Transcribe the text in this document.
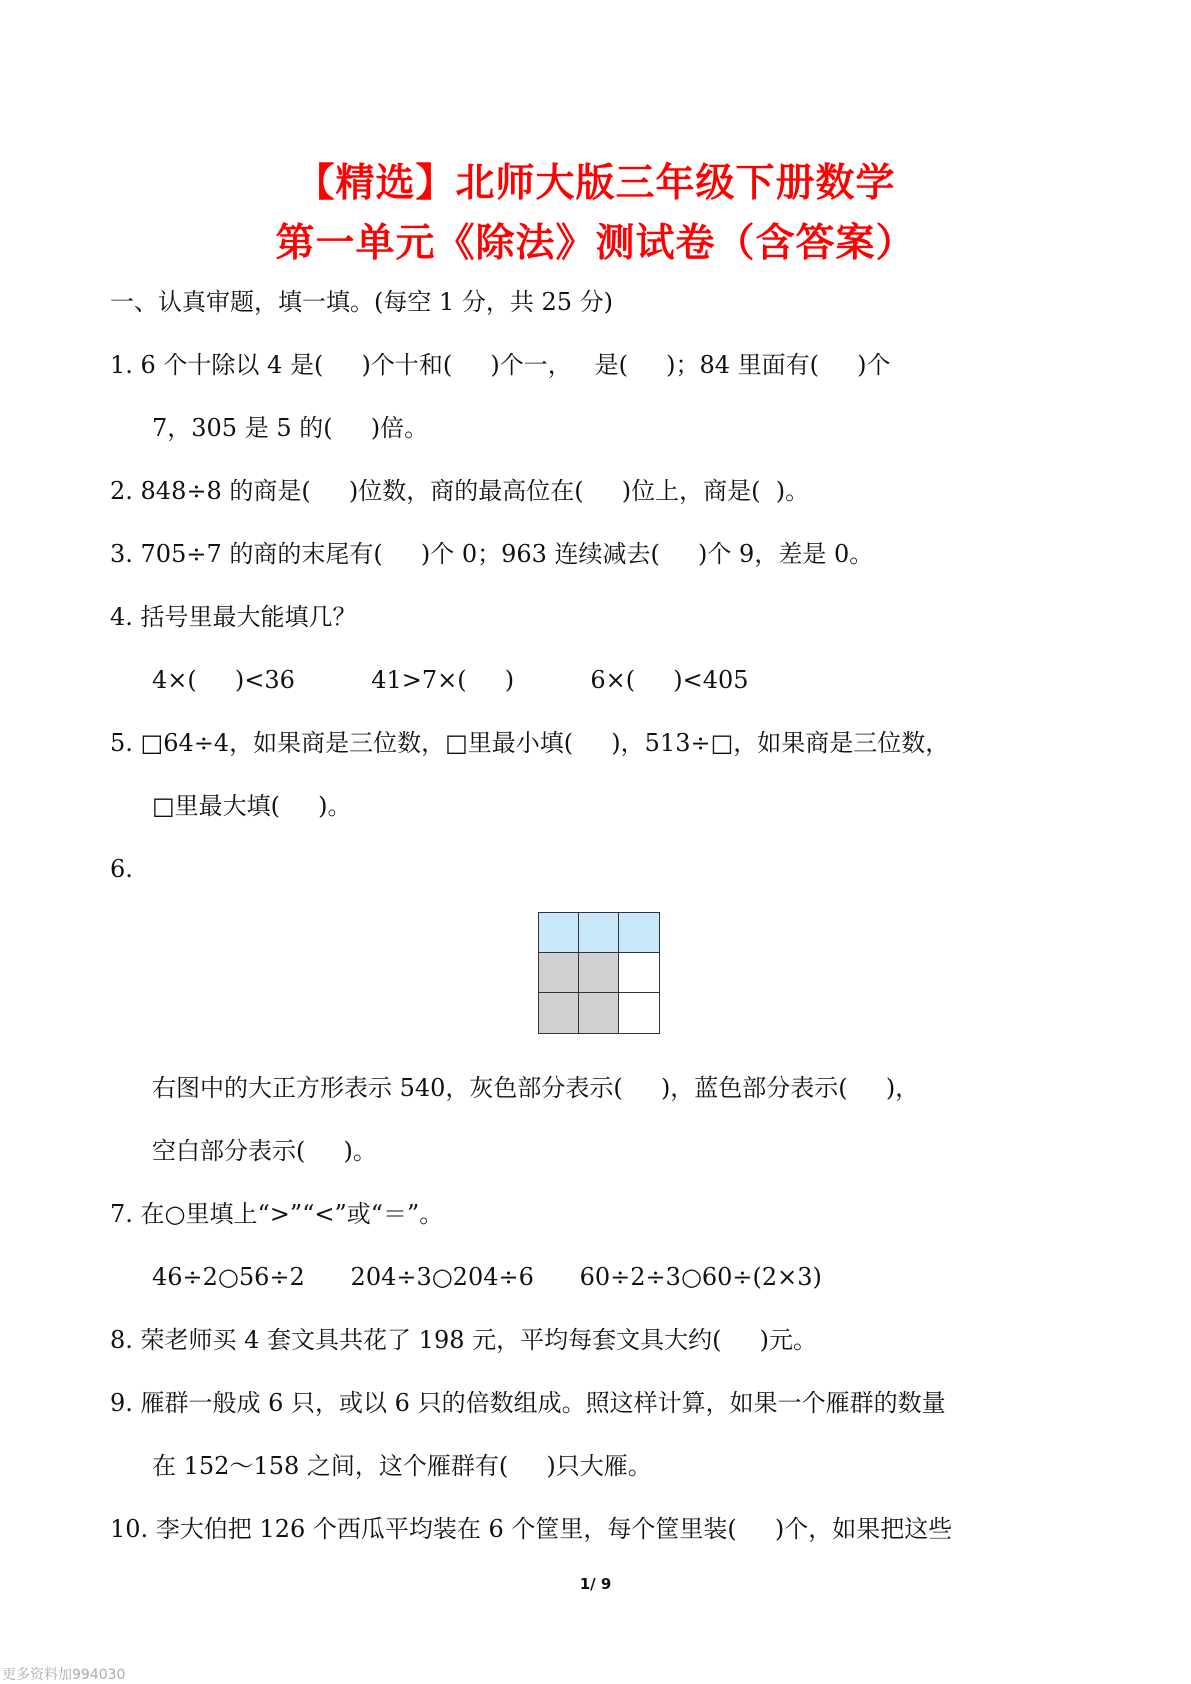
【精选】北师大版三年级下册数学
第一单元《除法》测试卷（含答案）
一、认真审题，填一填。(每空 1 分，共 25 分)
1. 6 个十除以 4 是(     )个十和(     )个一，   是(     )；84 里面有(     )个
7，305 是 5 的(     )倍。
2. 848÷8 的商是(     )位数，商的最高位在(     )位上，商是(  )。
3. 705÷7 的商的末尾有(     )个 0；963 连续减去(     )个 9，差是 0。
4. 括号里最大能填几？
4×(     )<36          41>7×(     )          6×(     )<405
5. □64÷4，如果商是三位数，□里最小填(     )，513÷□，如果商是三位数，
□里最大填(     )。
6.
右图中的大正方形表示 540，灰色部分表示(     )，蓝色部分表示(     )，
空白部分表示(     )。
7. 在○里填上“>”“<”或“＝”。
46÷2○56÷2      204÷3○204÷6      60÷2÷3○60÷(2×3)
8. 荣老师买 4 套文具共花了 198 元，平均每套文具大约(     )元。
9. 雁群一般成 6 只，或以 6 只的倍数组成。照这样计算，如果一个雁群的数量
在 152～158 之间，这个雁群有(     )只大雁。
10. 李大伯把 126 个西瓜平均装在 6 个筐里，每个筐里装(     )个，如果把这些
1/ 9
更多资料加994030
